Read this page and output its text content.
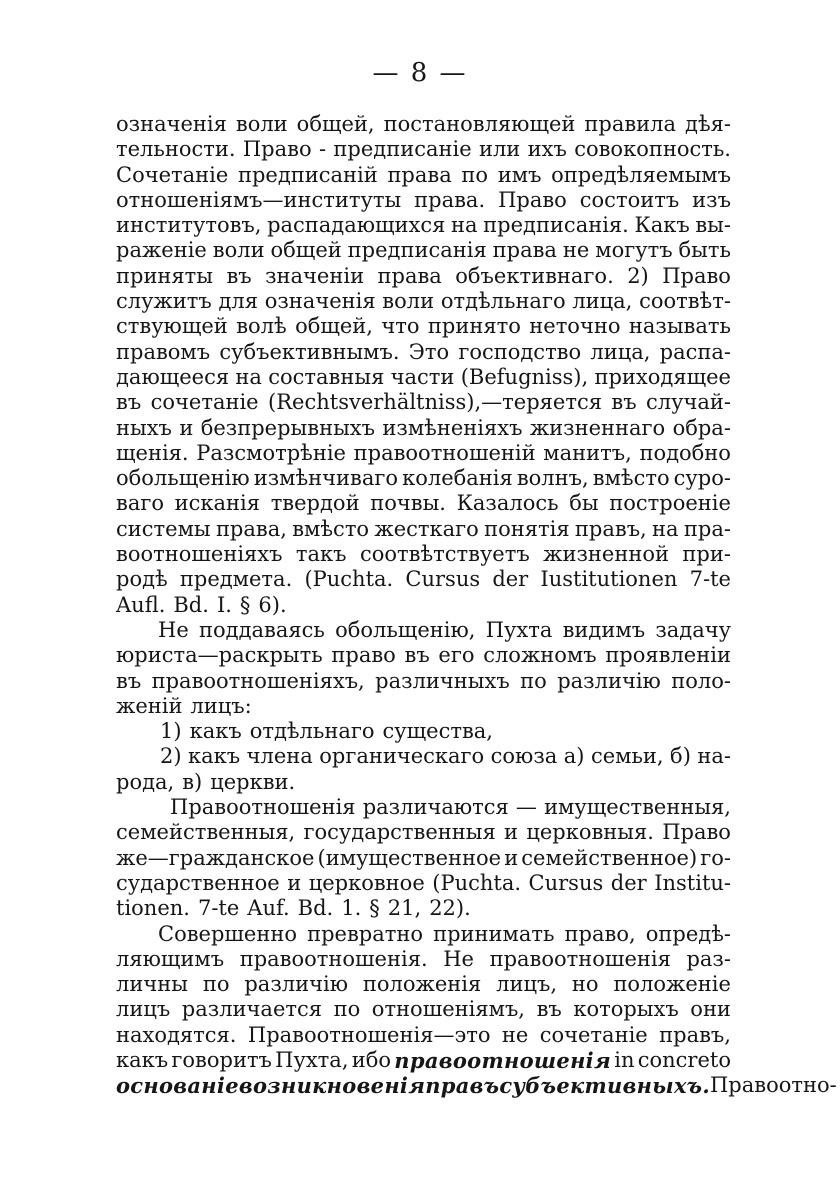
— 8 —
означенія воли общей, постановляющей правила дѣя-
тельности. Право - предписаніе или ихъ совокопность.
Сочетаніе предписаній права по имъ опредѣляемымъ
отношеніямъ—институты права. Право состоитъ изъ
институтовъ, распадающихся на предписанія. Какъ вы-
раженіе воли общей предписанія права не могутъ быть
приняты въ значеніи права объективнаго. 2) Право
служитъ для означенія воли отдѣльнаго лица, соотвѣт-
ствующей волѣ общей, что принято неточно называть
правомъ субъективнымъ. Это господство лица, распа-
дающееся на составныя части (Befugniss), приходящее
въ сочетаніе (Rechtsverhältniss),—теряется въ случай-
ныхъ и безпрерывныхъ измѣненіяхъ жизненнаго обра-
щенія. Разсмотрѣніе правоотношеній манитъ, подобно
обольщенію измѣнчиваго колебанія волнъ, вмѣсто суро-
ваго исканія твердой почвы. Казалось бы построеніе
системы права, вмѣсто жесткаго понятія правъ, на пра-
воотношеніяхъ такъ соотвѣтствуетъ жизненной при-
родѣ предмета. (Puchta. Cursus der Iustitutionen 7-te
Aufl. Bd. I. § 6).
Не поддаваясь обольщенію, Пухта видимъ задачу
юриста—раскрыть право въ его сложномъ проявленіи
въ правоотношеніяхъ, различныхъ по различію поло-
женій лицъ:
1) какъ отдѣльнаго существа,
2) какъ члена органическаго союза а) семьи, б) на-
рода, в) церкви.
Правоотношенія различаются — имущественныя,
семейственныя, государственныя и церковныя. Право
же—гражданское (имущественное и семейственное) го-
сударственное и церковное (Puchta. Cursus der Institu-
tionen. 7-te Auf. Bd. 1. § 21, 22).
Совершенно превратно принимать право, опредѣ-
ляющимъ правоотношенія. Не правоотношенія раз-
личны по различію положенія лицъ, но положеніе
лицъ различается по отношеніямъ, въ которыхъ они
находятся. Правоотношенія—это не сочетаніе правъ,
какъ говоритъ Пухта, ибо правоотношенія in concreto
основаніе возникновенія правъ субъективныхъ. Правоотно-
